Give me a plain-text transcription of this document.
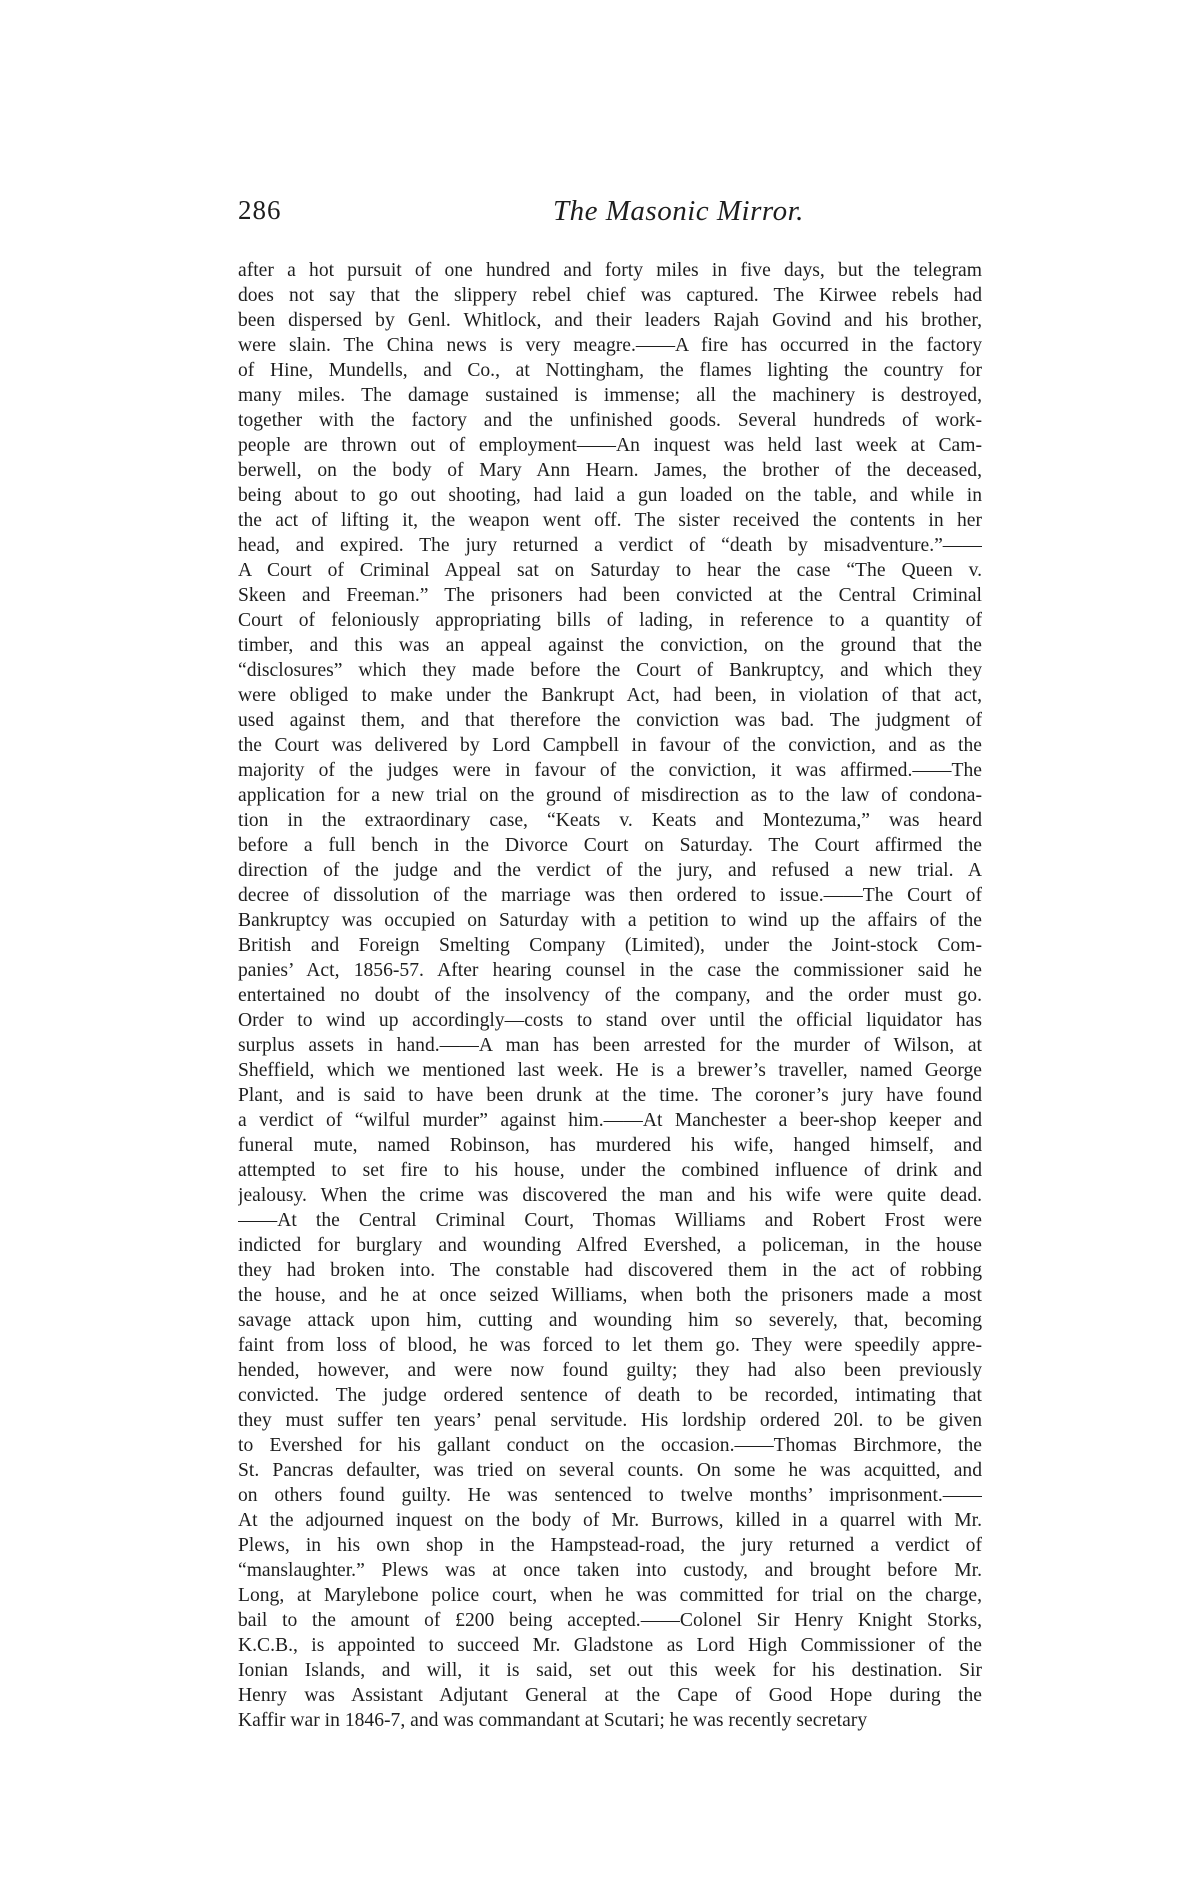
286	The Masonic Mirror.
after a hot pursuit of one hundred and forty miles in five days, but the telegram
does not say that the slippery rebel chief was captured. The Kirwee rebels had
been dispersed by Genl. Whitlock, and their leaders Rajah Govind and his brother,
were slain. The China news is very meagre.——A fire has occurred in the factory
of Hine, Mundells, and Co., at Nottingham, the flames lighting the country for
many miles. The damage sustained is immense; all the machinery is destroyed,
together with the factory and the unfinished goods. Several hundreds of work-
people are thrown out of employment——An inquest was held last week at Cam-
berwell, on the body of Mary Ann Hearn. James, the brother of the deceased,
being about to go out shooting, had laid a gun loaded on the table, and while in
the act of lifting it, the weapon went off. The sister received the contents in her
head, and expired. The jury returned a verdict of “death by misadventure.”——
A Court of Criminal Appeal sat on Saturday to hear the case “The Queen v.
Skeen and Freeman.” The prisoners had been convicted at the Central Criminal
Court of feloniously appropriating bills of lading, in reference to a quantity of
timber, and this was an appeal against the conviction, on the ground that the
“disclosures” which they made before the Court of Bankruptcy, and which they
were obliged to make under the Bankrupt Act, had been, in violation of that act,
used against them, and that therefore the conviction was bad. The judgment of
the Court was delivered by Lord Campbell in favour of the conviction, and as the
majority of the judges were in favour of the conviction, it was affirmed.——The
application for a new trial on the ground of misdirection as to the law of condona-
tion in the extraordinary case, “Keats v. Keats and Montezuma,” was heard
before a full bench in the Divorce Court on Saturday. The Court affirmed the
direction of the judge and the verdict of the jury, and refused a new trial. A
decree of dissolution of the marriage was then ordered to issue.——The Court of
Bankruptcy was occupied on Saturday with a petition to wind up the affairs of the
British and Foreign Smelting Company (Limited), under the Joint-stock Com-
panies’ Act, 1856-57. After hearing counsel in the case the commissioner said he
entertained no doubt of the insolvency of the company, and the order must go.
Order to wind up accordingly—costs to stand over until the official liquidator has
surplus assets in hand.——A man has been arrested for the murder of Wilson, at
Sheffield, which we mentioned last week. He is a brewer’s traveller, named George
Plant, and is said to have been drunk at the time. The coroner’s jury have found
a verdict of “wilful murder” against him.——At Manchester a beer-shop keeper and
funeral mute, named Robinson, has murdered his wife, hanged himself, and
attempted to set fire to his house, under the combined influence of drink and
jealousy. When the crime was discovered the man and his wife were quite dead.
——At the Central Criminal Court, Thomas Williams and Robert Frost were
indicted for burglary and wounding Alfred Evershed, a policeman, in the house
they had broken into. The constable had discovered them in the act of robbing
the house, and he at once seized Williams, when both the prisoners made a most
savage attack upon him, cutting and wounding him so severely, that, becoming
faint from loss of blood, he was forced to let them go. They were speedily appre-
hended, however, and were now found guilty; they had also been previously
convicted. The judge ordered sentence of death to be recorded, intimating that
they must suffer ten years’ penal servitude. His lordship ordered 20l. to be given
to Evershed for his gallant conduct on the occasion.——Thomas Birchmore, the
St. Pancras defaulter, was tried on several counts. On some he was acquitted, and
on others found guilty. He was sentenced to twelve months’ imprisonment.——
At the adjourned inquest on the body of Mr. Burrows, killed in a quarrel with Mr.
Plews, in his own shop in the Hampstead-road, the jury returned a verdict of
“manslaughter.” Plews was at once taken into custody, and brought before Mr.
Long, at Marylebone police court, when he was committed for trial on the charge,
bail to the amount of £200 being accepted.——Colonel Sir Henry Knight Storks,
K.C.B., is appointed to succeed Mr. Gladstone as Lord High Commissioner of the
Ionian Islands, and will, it is said, set out this week for his destination. Sir
Henry was Assistant Adjutant General at the Cape of Good Hope during the
Kaffir war in 1846-7, and was commandant at Scutari; he was recently secretary
